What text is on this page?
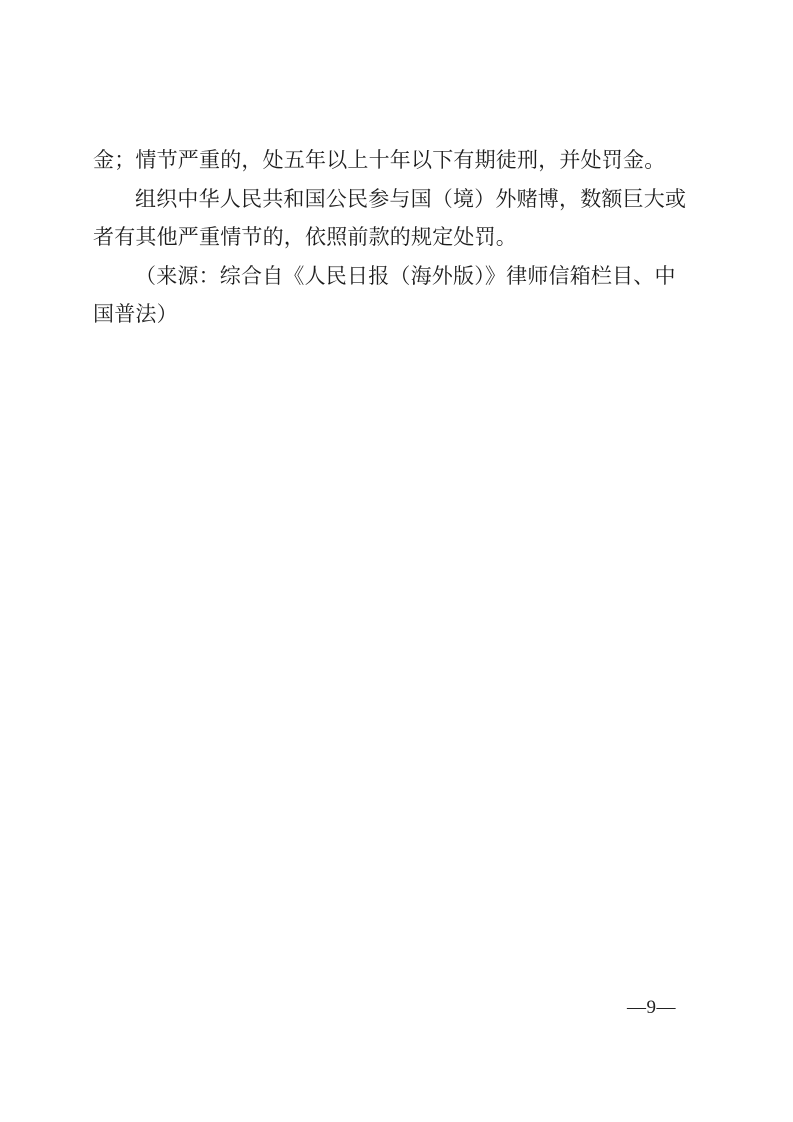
金；情节严重的，处五年以上十年以下有期徒刑，并处罚金。
组织中华人民共和国公民参与国（境）外赌博，数额巨大或
者有其他严重情节的，依照前款的规定处罚。
（来源：综合自《人民日报（海外版）》律师信箱栏目、中
国普法）
—9—
